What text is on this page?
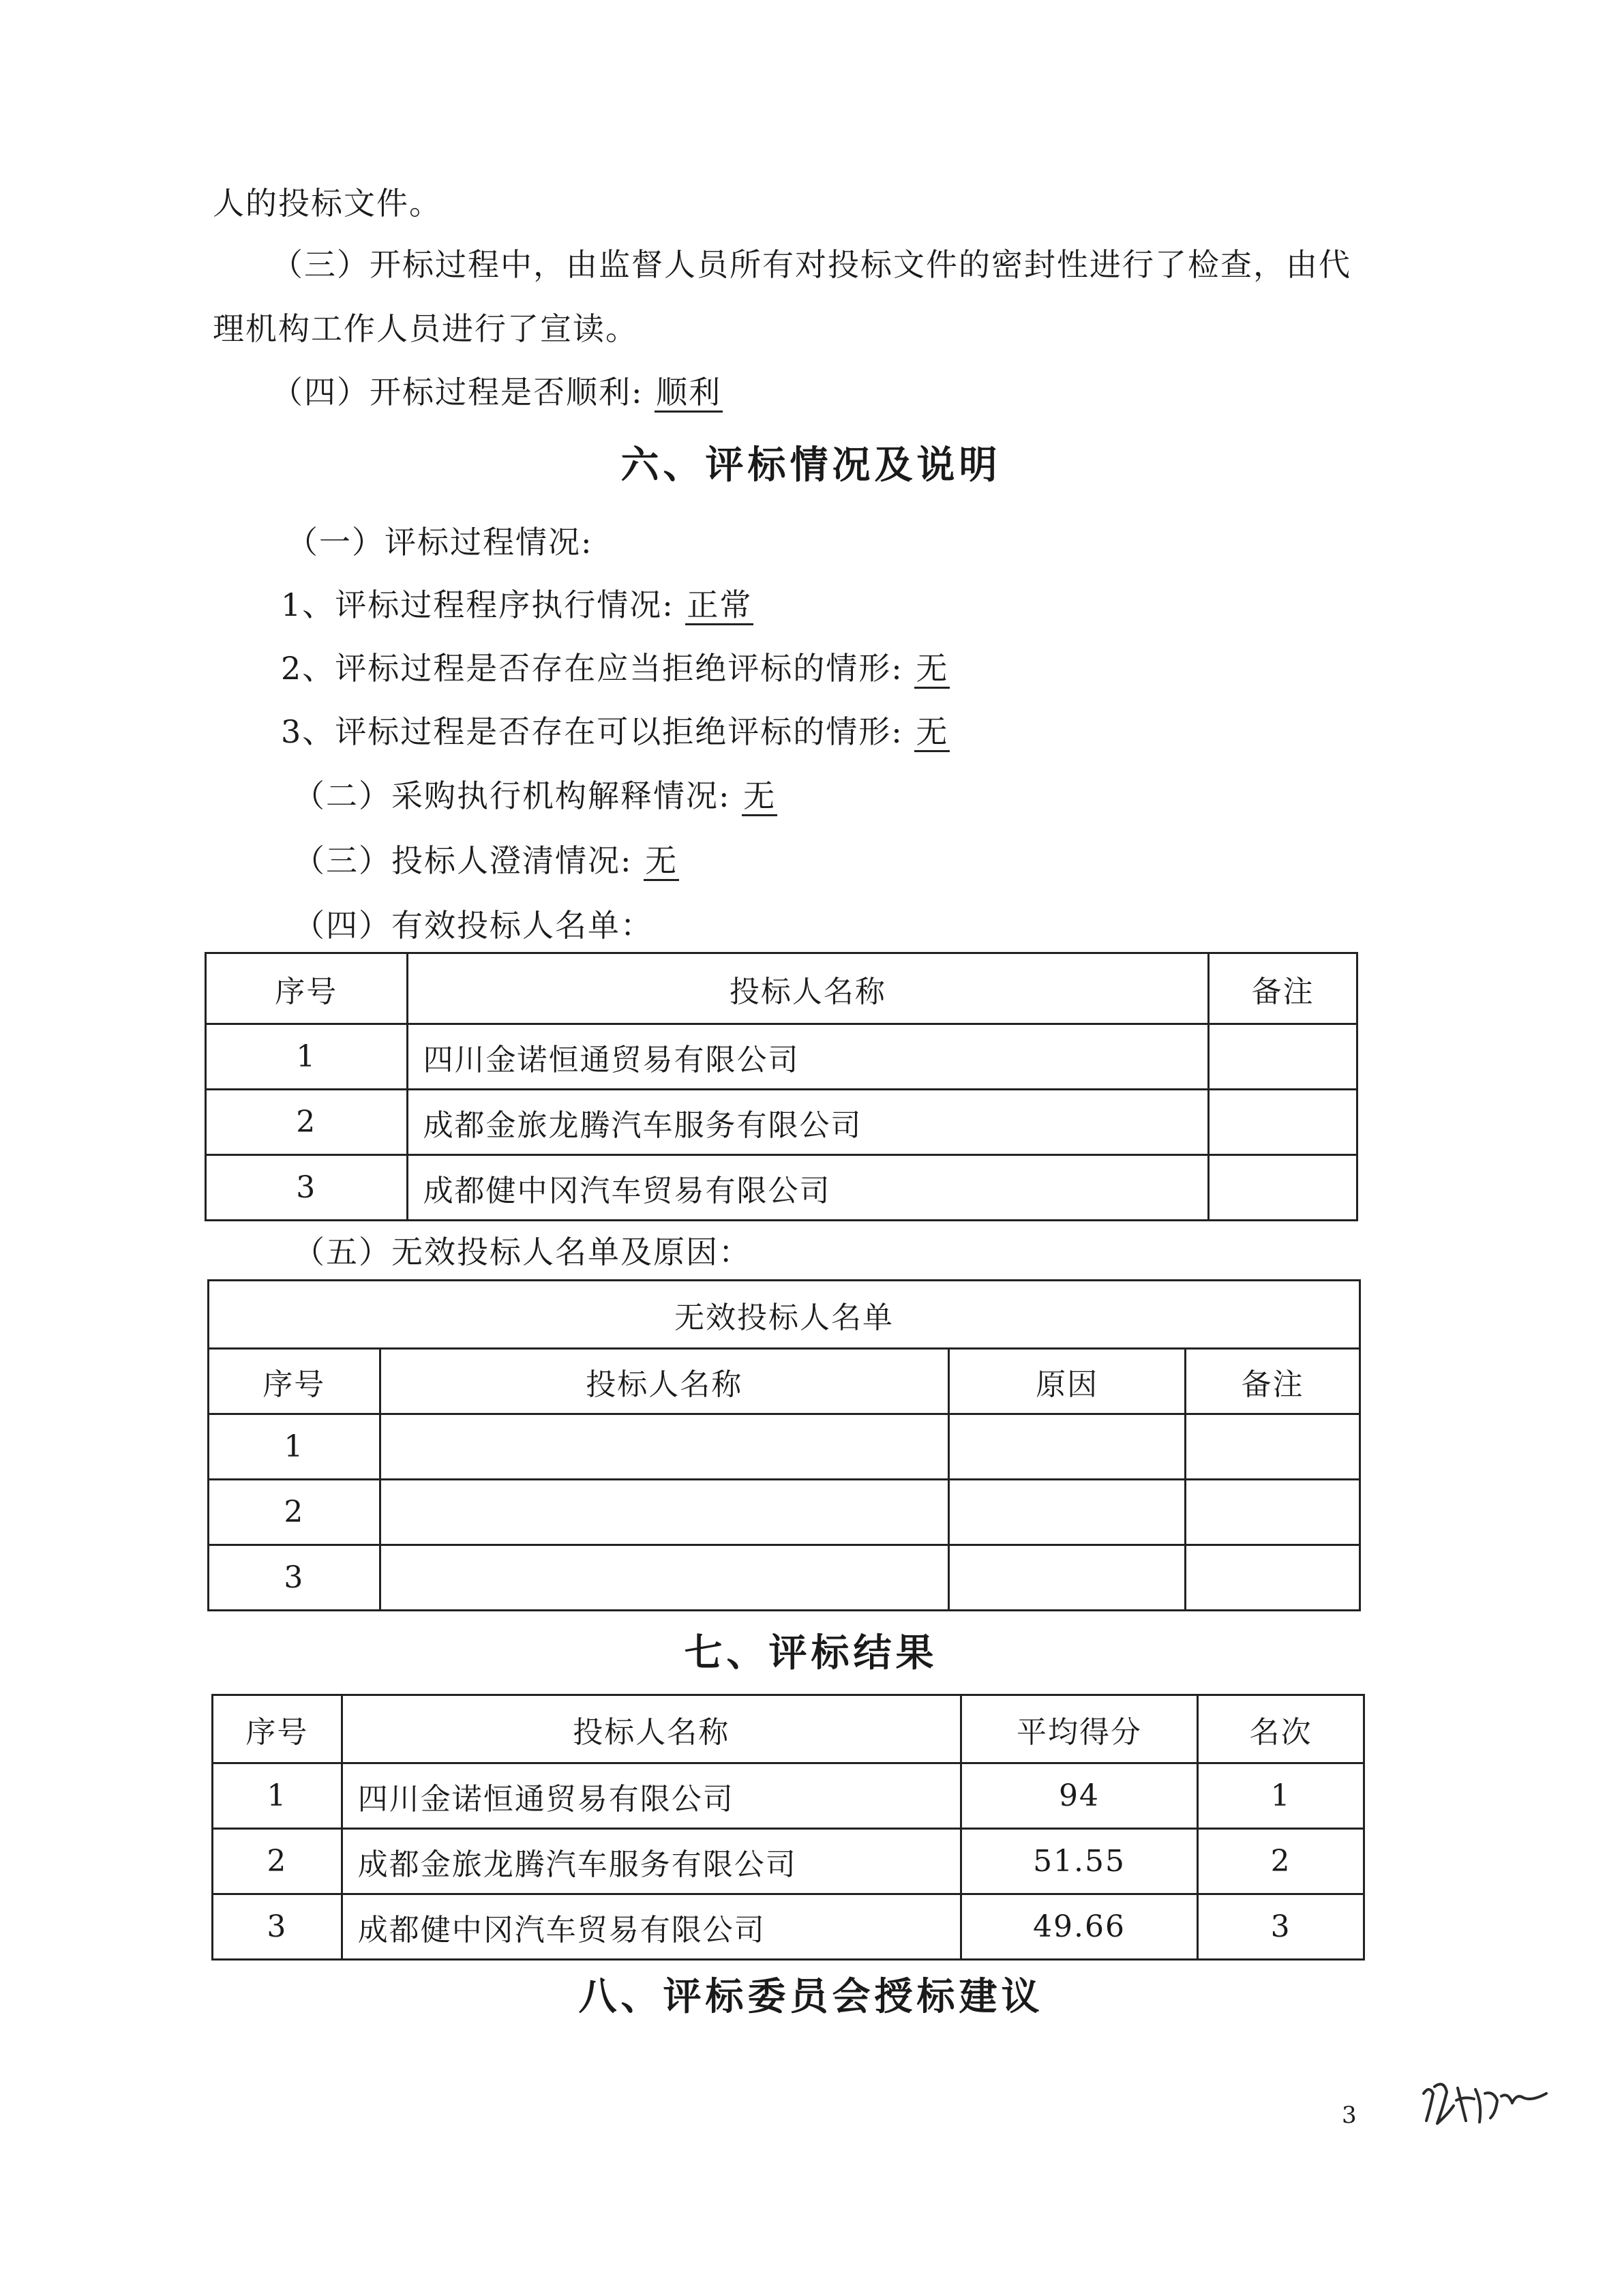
人的投标文件。
（三）开标过程中，由监督人员所有对投标文件的密封性进行了检查，由代
理机构工作人员进行了宣读。
（四）开标过程是否顺利: 顺利
六、评标情况及说明
（一）评标过程情况:
1、评标过程程序执行情况: 正常
2、评标过程是否存在应当拒绝评标的情形: 无
3、评标过程是否存在可以拒绝评标的情形: 无
（二）采购执行机构解释情况: 无
（三）投标人澄清情况: 无
（四）有效投标人名单：
序号	投标人名称	备注
1	四川金诺恒通贸易有限公司	
2	成都金旅龙腾汽车服务有限公司	
3	成都健中冈汽车贸易有限公司	
（五）无效投标人名单及原因：
无效投标人名单			
序号	投标人名称	原因	备注
1			
2			
3			
七、评标结果
序号	投标人名称	平均得分	名次
1	四川金诺恒通贸易有限公司	94	1
2	成都金旅龙腾汽车服务有限公司	51.55	2
3	成都健中冈汽车贸易有限公司	49.66	3
八、评标委员会授标建议
3
